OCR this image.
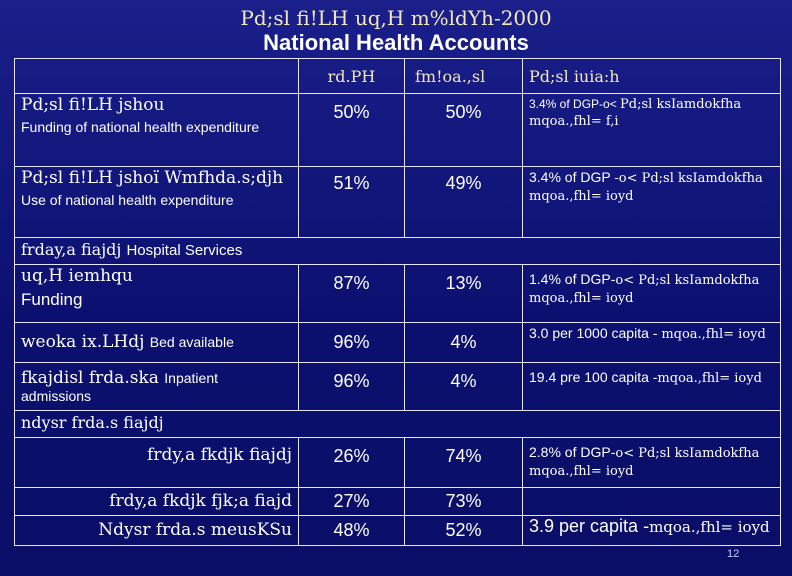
Pd;sl fi!LH uq,H m%ldYh-2000
National Health Accounts
	rd.PH	fm!oa.,sl	Pd;sl iuia:h
Pd;sl fi!LH jshou
Funding of national health expenditure	50%	50%	3.4% of DGP-o< Pd;sl ksIamdokfha mqoa.,fhl= f,i
Pd;sl fi!LH jshoï Wmfhda.s;djh
Use of national health expenditure	51%	49%	3.4% of DGP -o< Pd;sl ksIamdokfha mqoa.,fhl= ioyd
frday,a fiajdj Hospital Services			
uq,H iemhqu
Funding	87%	13%	1.4% of DGP-o< Pd;sl ksIamdokfha mqoa.,fhl= ioyd
weoka ix.LHdj Bed available	96%	4%	3.0 per 1000 capita - mqoa.,fhl= ioyd
fkajdisl frda.ska Inpatient
admissions	96%	4%	19.4 pre 100 capita -mqoa.,fhl= ioyd
ndysr frda.s fiajdj			
frdy,a fkdjk fiajdj	26%	74%	2.8% of DGP-o< Pd;sl ksIamdokfha mqoa.,fhl= ioyd
frdy,a fkdjk fjk;a fiajd	27%	73%	
Ndysr frda.s meusKSu	48%	52%	3.9 per capita -mqoa.,fhl= ioyd
12
